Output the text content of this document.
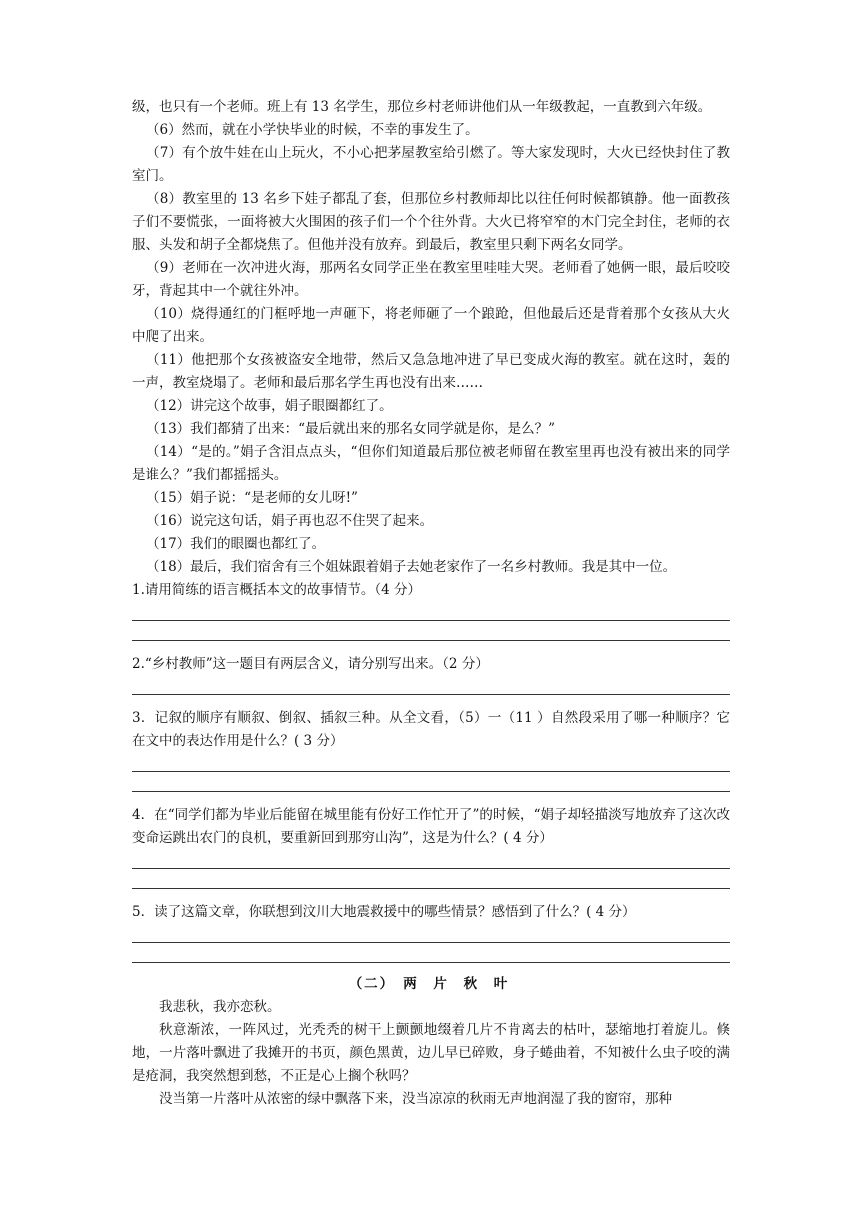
级，也只有一个老师。班上有 13 名学生，那位乡村老师讲他们从一年级教起，一直教到六年级。

（6）然而，就在小学快毕业的时候，不幸的事发生了。

（7）有个放牛娃在山上玩火，不小心把茅屋教室给引燃了。等大家发现时，大火已经快封住了教室门。

（8）教室里的 13 名乡下娃子都乱了套，但那位乡村教师却比以往任何时候都镇静。他一面教孩子们不要慌张，一面将被大火围困的孩子们一个个往外背。大火已将窄窄的木门完全封住，老师的衣服、头发和胡子全都烧焦了。但他并没有放弃。到最后，教室里只剩下两名女同学。

（9）老师在一次冲进火海，那两名女同学正坐在教室里哇哇大哭。老师看了她俩一眼，最后咬咬牙，背起其中一个就往外冲。

（10）烧得通红的门框呼地一声砸下，将老师砸了一个踉跄，但他最后还是背着那个女孩从大火中爬了出来。

（11）他把那个女孩被盗安全地带，然后又急急地冲进了早已变成火海的教室。就在这时，轰的一声，教室烧塌了。老师和最后那名学生再也没有出来……

（12）讲完这个故事，娟子眼圈都红了。

（13）我们都猜了出来：“最后就出来的那名女同学就是你，是么？”

（14）“是的。”娟子含泪点点头，“但你们知道最后那位被老师留在教室里再也没有被出来的同学是谁么？”我们都摇摇头。

（15）娟子说：“是老师的女儿呀!”

（16）说完这句话，娟子再也忍不住哭了起来。

（17）我们的眼圈也都红了。

（18）最后，我们宿舍有三个姐妹跟着娟子去她老家作了一名乡村教师。我是其中一位。

1.请用简练的语言概括本文的故事情节。（4 分）

2.“乡村教师”这一题目有两层含义，请分别写出来。（2 分）

3．记叙的顺序有顺叙、倒叙、插叙三种。从全文看，（5）一（11 ）自然段采用了哪一种顺序？它在文中的表达作用是什么？( 3 分）

4．在“同学们都为毕业后能留在城里能有份好工作忙开了”的时候，“娟子却轻描淡写地放弃了这次改变命运跳出农门的良机，要重新回到那穷山沟”，这是为什么？( 4 分）

5．读了这篇文章，你联想到汶川大地震救援中的哪些情景？感悟到了什么？( 4 分）

（二） 两 片 秋 叶

我悲秋，我亦恋秋。

秋意渐浓，一阵风过，光秃秃的树干上颤颤地缀着几片不肯离去的枯叶，瑟缩地打着旋儿。倏地，一片落叶飘进了我摊开的书页，颜色黑黄，边儿早已碎败，身子蜷曲着，不知被什么虫子咬的满是疮洞，我突然想到愁，不正是心上搁个秋吗？

没当第一片落叶从浓密的绿中飘落下来，没当凉凉的秋雨无声地润湿了我的窗帘，那种
